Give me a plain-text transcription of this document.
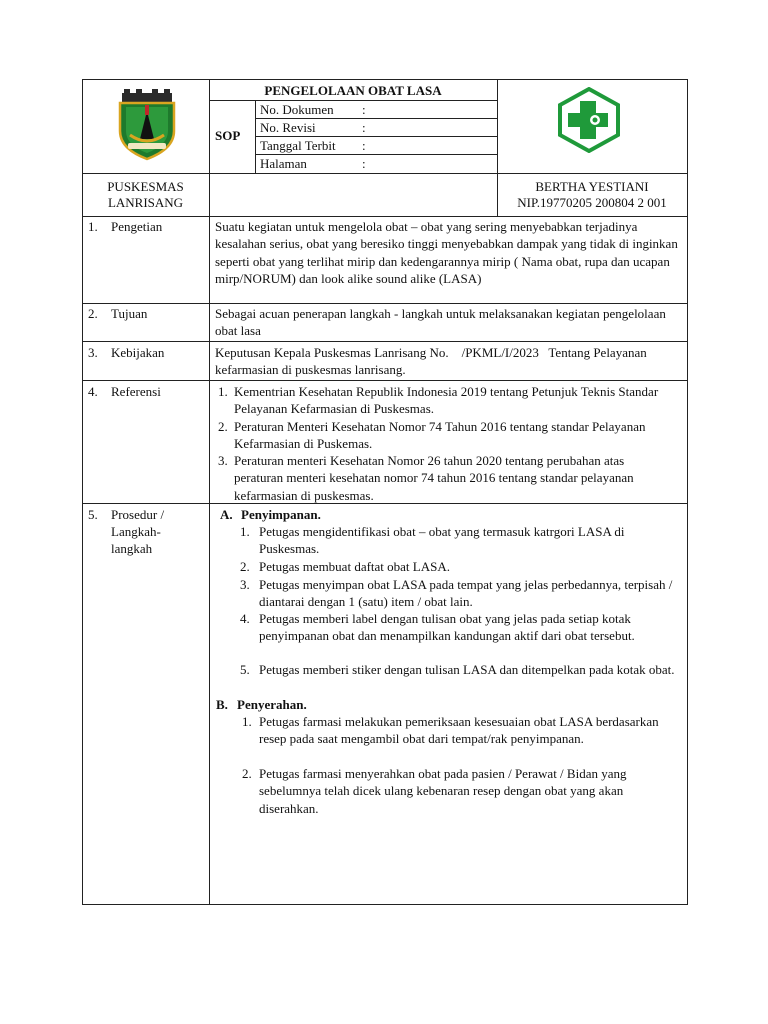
PENGELOLAAN OBAT LASA
SOP
No. Dokumen :
No. Revisi	:
Tanggal Terbit :
Halaman	:
PUSKESMAS
LANRISANG
BERTHA YESTIANI
NIP.19770205 200804 2 001
1. Pengetian	Suatu kegiatan untuk mengelola obat – obat yang sering menyebabkan terjadinya kesalahan serius, obat yang beresiko tinggi menyebabkan dampak yang tidak di inginkan seperti obat yang terlihat mirip dan kedengarannya mirip ( Nama obat, rupa dan ucapan mirp/NORUM) dan look alike sound alike (LASA)
2. Tujuan	Sebagai acuan penerapan langkah - langkah untuk melaksanakan kegiatan pengelolaan obat lasa
3. Kebijakan	Keputusan Kepala Puskesmas Lanrisang No.    /PKML/I/2023   Tentang Pelayanan kefarmasian di puskesmas lanrisang.
4. Referensi	1. Kementrian Kesehatan Republik Indonesia 2019 tentang Petunjuk Teknis Standar Pelayanan Kefarmasian di Puskesmas.
2. Peraturan Menteri Kesehatan Nomor 74 Tahun 2016 tentang standar Pelayanan Kefarmasian di Puskemas.
3. Peraturan menteri Kesehatan Nomor 26 tahun 2020 tentang perubahan atas peraturan menteri kesehatan nomor 74 tahun 2016 tentang standar pelayanan kefarmasian di puskesmas.
5. Prosedur /
Langkah-
langkah
A. Penyimpanan.
1. Petugas mengidentifikasi obat – obat yang termasuk katrgori LASA di Puskesmas.
2. Petugas membuat daftat obat LASA.
3. Petugas menyimpan obat LASA pada tempat yang jelas perbedannya, terpisah / diantarai dengan 1 (satu) item / obat lain.
4. Petugas memberi label dengan tulisan obat yang jelas pada setiap kotak penyimpanan obat dan menampilkan kandungan aktif dari obat tersebut.
5. Petugas memberi stiker dengan tulisan LASA dan ditempelkan pada kotak obat.
B. Penyerahan.
1. Petugas farmasi melakukan pemeriksaan kesesuaian obat LASA berdasarkan resep pada saat mengambil obat dari tempat/rak penyimpanan.
2. Petugas farmasi menyerahkan obat pada pasien / Perawat / Bidan yang sebelumnya telah dicek ulang kebenaran resep dengan obat yang akan diserahkan.
